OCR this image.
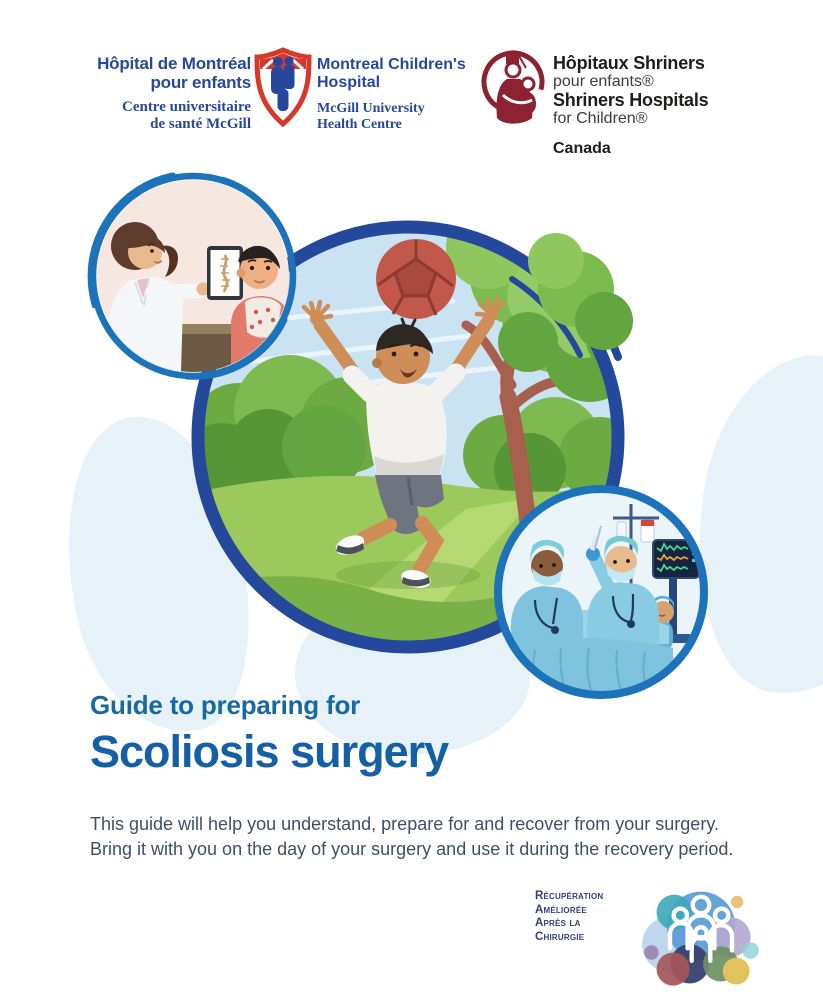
Hôpital de Montréal
pour enfants
Centre universitaire
de santé McGill
Montreal Children's
Hospital
McGill University
Health Centre
Hôpitaux Shriners
pour enfants®
Shriners Hospitals
for Children®
Canada
Guide to preparing for
Scoliosis surgery
This guide will help you understand, prepare for and recover from your surgery.
Bring it with you on the day of your surgery and use it during the recovery period.
Récupération
Améliorée
Après la
Chirurgie
